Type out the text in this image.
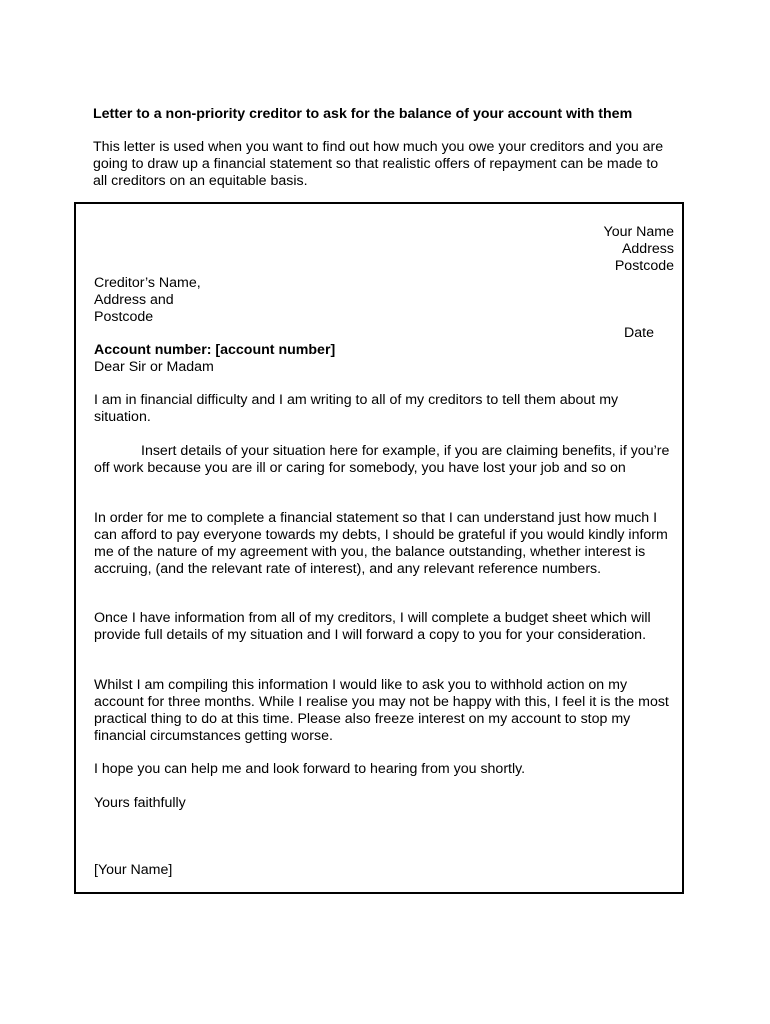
Letter to a non-priority creditor to ask for the balance of your account with them

This letter is used when you want to find out how much you owe your creditors and you are going to draw up a financial statement so that realistic offers of repayment can be made to all creditors on an equitable basis.

Your Name
Address
Postcode
Creditor’s Name,
Address and
Postcode
Date
Account number: [account number]
Dear Sir or Madam

I am in financial difficulty and I am writing to all of my creditors to tell them about my situation.

Insert details of your situation here for example, if you are claiming benefits, if you’re off work because you are ill or caring for somebody, you have lost your job and so on

In order for me to complete a financial statement so that I can understand just how much I can afford to pay everyone towards my debts, I should be grateful if you would kindly inform me of the nature of my agreement with you, the balance outstanding, whether interest is accruing, (and the relevant rate of interest), and any relevant reference numbers.

Once I have information from all of my creditors, I will complete a budget sheet which will provide full details of my situation and I will forward a copy to you for your consideration.

Whilst I am compiling this information I would like to ask you to withhold action on my account for three months. While I realise you may not be happy with this, I feel it is the most practical thing to do at this time. Please also freeze interest on my account to stop my financial circumstances getting worse.

I hope you can help me and look forward to hearing from you shortly.

Yours faithfully
[Your Name]
